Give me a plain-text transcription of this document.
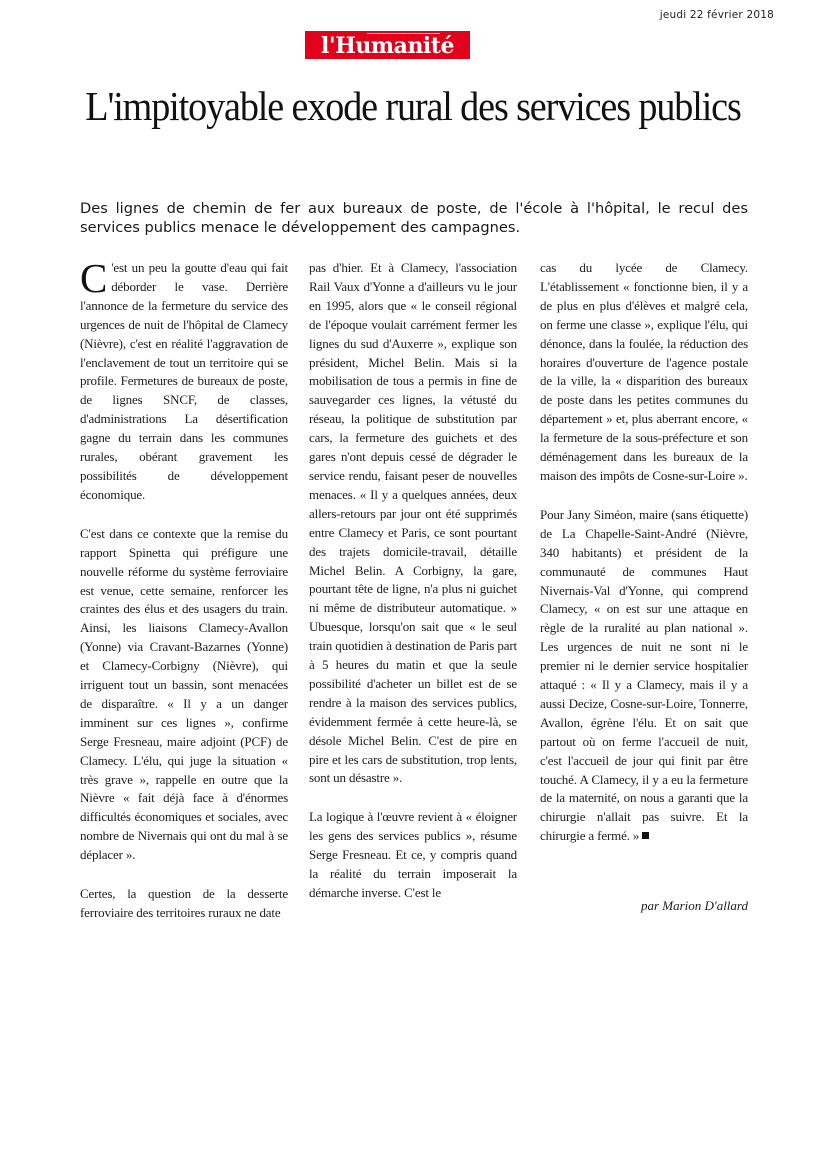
jeudi 22 février 2018
l'Humanité
L'impitoyable exode rural des services publics

Des lignes de chemin de fer aux bureaux de poste, de l'école à l'hôpital, le recul des services publics menace le développement des campagnes.

C 'est un peu la goutte d'eau qui fait déborder le vase. Derrière l'annonce de la fermeture du service des urgences de nuit de l'hôpital de Clamecy (Nièvre), c'est en réalité l'aggravation de l'enclavement de tout un territoire qui se profile. Fermetures de bureaux de poste, de lignes SNCF, de classes, d'administrations La désertification gagne du terrain dans les communes rurales, obérant gravement les possibilités de développement économique.

C'est dans ce contexte que la remise du rapport Spinetta qui préfigure une nouvelle réforme du système ferroviaire est venue, cette semaine, renforcer les craintes des élus et des usagers du train. Ainsi, les liaisons Clamecy-Avallon (Yonne) via Cravant-Bazarnes (Yonne) et Clamecy-Corbigny (Nièvre), qui irriguent tout un bassin, sont menacées de disparaître. « Il y a un danger imminent sur ces lignes », confirme Serge Fresneau, maire adjoint (PCF) de Clamecy. L'élu, qui juge la situation « très grave », rappelle en outre que la Nièvre « fait déjà face à d'énormes difficultés économiques et sociales, avec nombre de Nivernais qui ont du mal à se déplacer ».

Certes, la question de la desserte ferroviaire des territoires ruraux ne date

pas d'hier. Et à Clamecy, l'association Rail Vaux d'Yonne a d'ailleurs vu le jour en 1995, alors que « le conseil régional de l'époque voulait carrément fermer les lignes du sud d'Auxerre », explique son président, Michel Belin. Mais si la mobilisation de tous a permis in fine de sauvegarder ces lignes, la vétusté du réseau, la politique de substitution par cars, la fermeture des guichets et des gares n'ont depuis cessé de dégrader le service rendu, faisant peser de nouvelles menaces. « Il y a quelques années, deux allers-retours par jour ont été supprimés entre Clamecy et Paris, ce sont pourtant des trajets domicile-travail, détaille Michel Belin. A Corbigny, la gare, pourtant tête de ligne, n'a plus ni guichet ni même de distributeur automatique. » Ubuesque, lorsqu'on sait que « le seul train quotidien à destination de Paris part à 5 heures du matin et que la seule possibilité d'acheter un billet est de se rendre à la maison des services publics, évidemment fermée à cette heure-là, se désole Michel Belin. C'est de pire en pire et les cars de substitution, trop lents, sont un désastre ».

La logique à l'œuvre revient à « éloigner les gens des services publics », résume Serge Fresneau. Et ce, y compris quand la réalité du terrain imposerait la démarche inverse. C'est le

cas du lycée de Clamecy. L'établissement « fonctionne bien, il y a de plus en plus d'élèves et malgré cela, on ferme une classe », explique l'élu, qui dénonce, dans la foulée, la réduction des horaires d'ouverture de l'agence postale de la ville, la « disparition des bureaux de poste dans les petites communes du département » et, plus aberrant encore, « la fermeture de la sous-préfecture et son déménagement dans les bureaux de la maison des impôts de Cosne-sur-Loire ».

Pour Jany Siméon, maire (sans étiquette) de La Chapelle-Saint-André (Nièvre, 340 habitants) et président de la communauté de communes Haut Nivernais-Val d'Yonne, qui comprend Clamecy, « on est sur une attaque en règle de la ruralité au plan national ». Les urgences de nuit ne sont ni le premier ni le dernier service hospitalier attaqué : « Il y a Clamecy, mais il y a aussi Decize, Cosne-sur-Loire, Tonnerre, Avallon, égrène l'élu. Et on sait que partout où on ferme l'accueil de nuit, c'est l'accueil de jour qui finit par être touché. A Clamecy, il y a eu la fermeture de la maternité, on nous a garanti que la chirurgie n'allait pas suivre. Et la chirurgie a fermé. »

par Marion D'allard
